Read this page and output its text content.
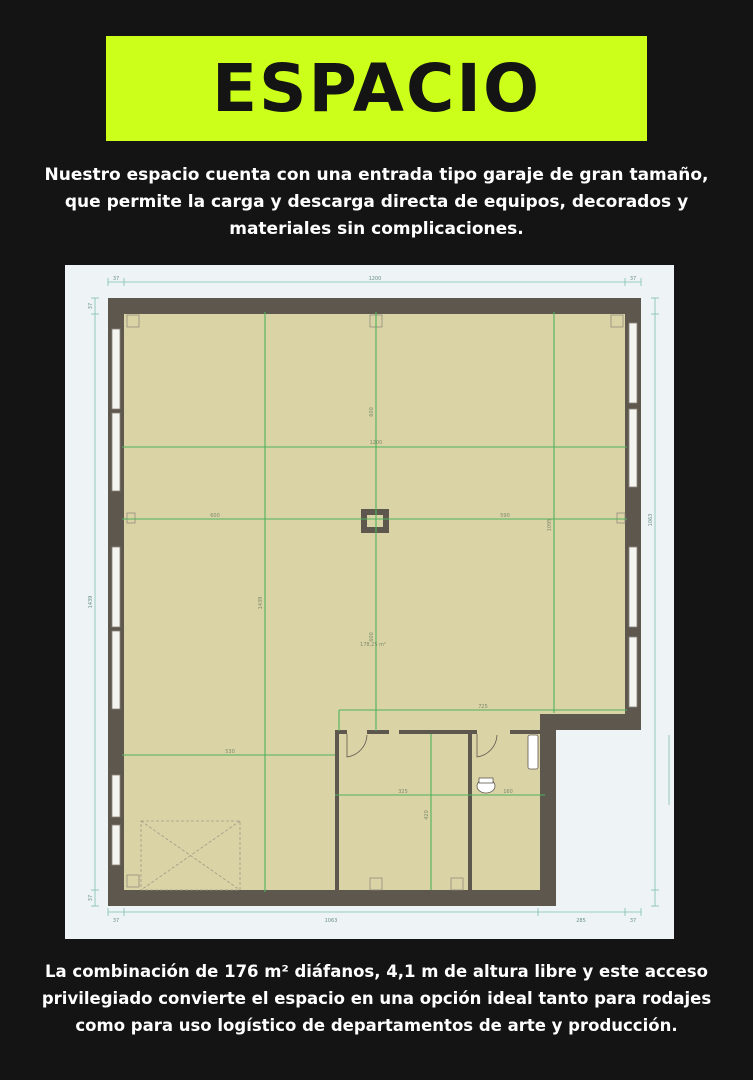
ESPACIO

Nuestro espacio cuenta con una entrada tipo garaje de gran tamaño, que permite la carga y descarga directa de equipos, decorados y materiales sin complicaciones.

37	1200	37
37	1063	285	37
1439
37
37
1063
1200
600	590
600
600
1439
1095
725
530
325
420
160
178,25 m²

La combinación de 176 m² diáfanos, 4,1 m de altura libre y este acceso privilegiado convierte el espacio en una opción ideal tanto para rodajes como para uso logístico de departamentos de arte y producción.
